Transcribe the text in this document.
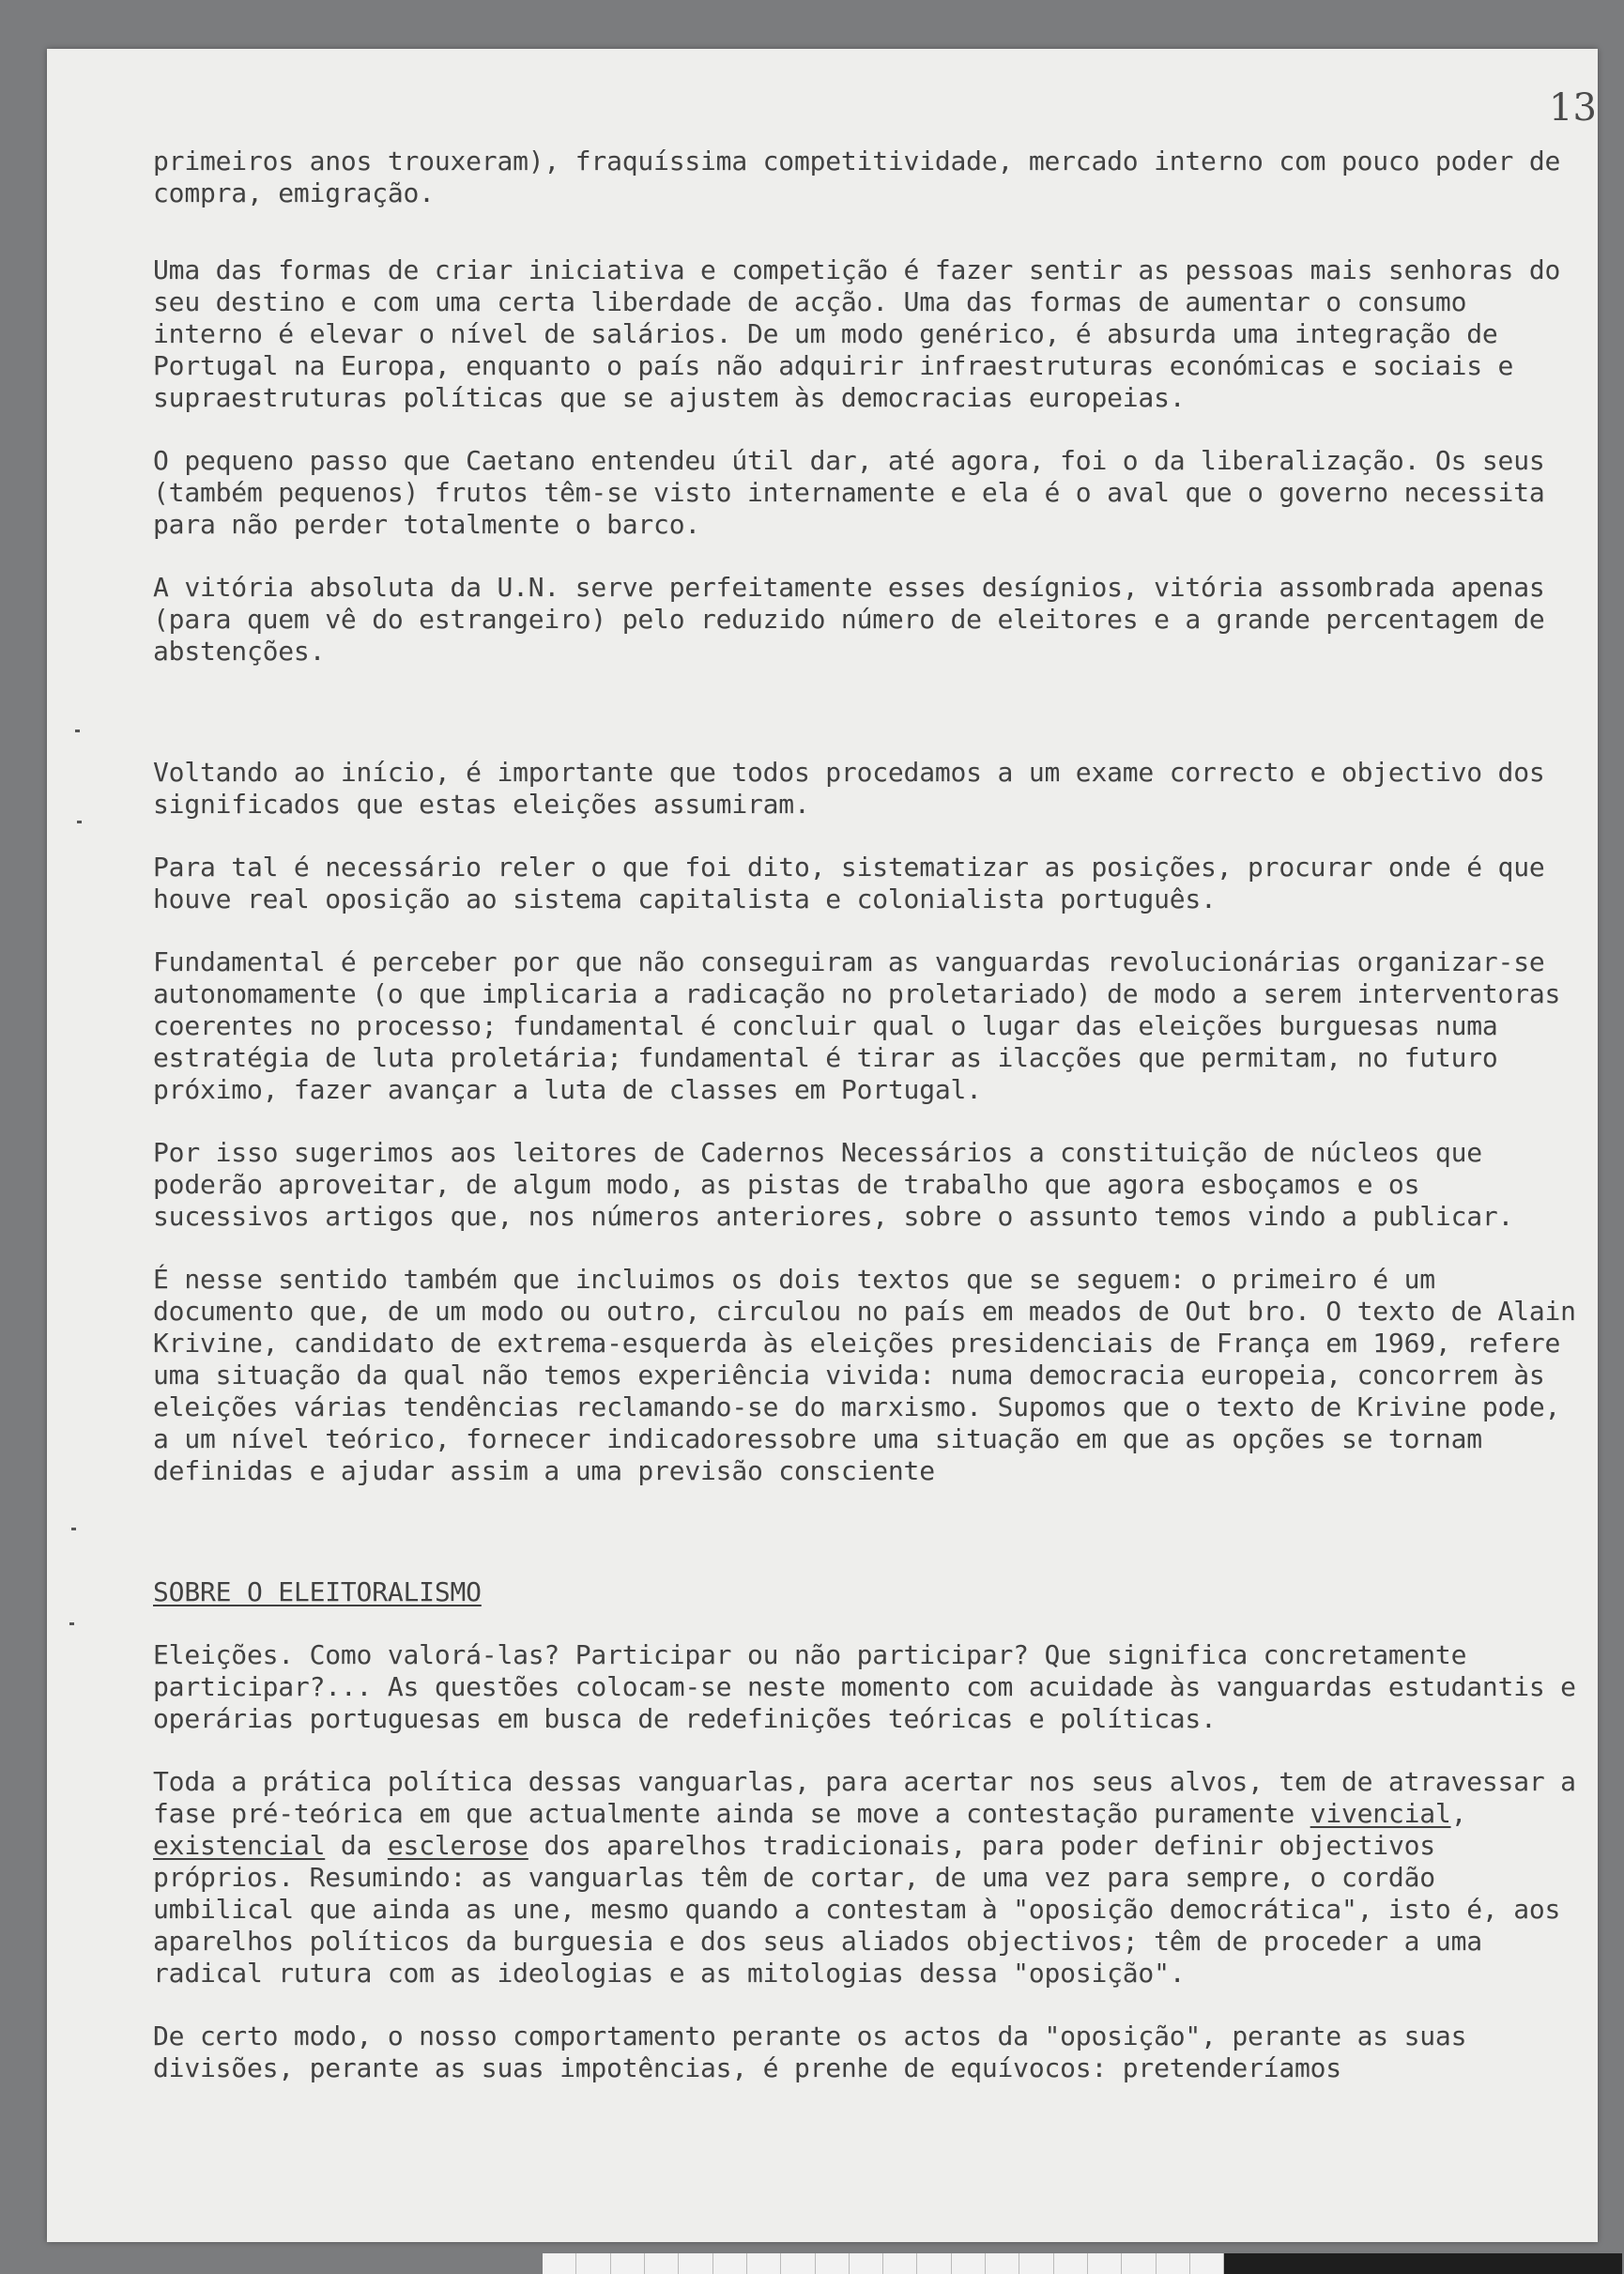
13

primeiros anos trouxeram), fraquíssima competitividade, mercado interno com pouco poder de compra, emigração.

Uma das formas de criar iniciativa e competição é fazer sentir as pessoas mais senhoras do seu destino e com uma certa liberdade de acção. Uma das formas de aumentar o consumo interno é elevar o nível de salários. De um modo genérico, é absurda uma integração de Portugal na Europa, enquanto o país não adquirir infraestruturas económicas e sociais e supraestruturas políticas que se ajustem às democracias europeias.

O pequeno passo que Caetano entendeu útil dar, até agora, foi o da liberalização. Os seus (também pequenos) frutos têm-se visto internamente e ela é o aval que o governo necessita para não perder totalmente o barco.

A vitória absoluta da U.N. serve perfeitamente esses desígnios, vitória assombrada apenas (para quem vê do estrangeiro) pelo reduzido número de eleitores e a grande percentagem de abstenções.

Voltando ao início, é importante que todos procedamos a um exame correcto e objectivo dos significados que estas eleições assumiram.

Para tal é necessário reler o que foi dito, sistematizar as posições, procurar onde é que houve real oposição ao sistema capitalista e colonialista português.

Fundamental é perceber por que não conseguiram as vanguardas revolucionárias organizar-se autonomamente (o que implicaria a radicação no proletariado) de modo a serem interventoras coerentes no processo; fundamental é concluir qual o lugar das eleições burguesas numa estratégia de luta proletária; fundamental é tirar as ilacções que permitam, no futuro próximo, fazer avançar a luta de classes em Portugal.

Por isso sugerimos aos leitores de Cadernos Necessários a constituição de núcleos que poderão aproveitar, de algum modo, as pistas de trabalho que agora esboçamos e os sucessivos artigos que, nos números anteriores, sobre o assunto temos vindo a publicar.

É nesse sentido também que incluimos os dois textos que se seguem: o primeiro é um documento que, de um modo ou outro, circulou no país em meados de Out bro. O texto de Alain Krivine, candidato de extrema-esquerda às eleições presidenciais de França em 1969, refere uma situação da qual não temos experiência vivida: numa democracia europeia, concorrem às eleições várias tendências reclamando-se do marxismo. Supomos que o texto de Krivine pode, a um nível teórico, fornecer indicadoressobre uma situação em que as opções se tornam definidas e ajudar assim a uma previsão consciente

SOBRE O ELEITORALISMO

Eleições. Como valorá-las? Participar ou não participar? Que significa concretamente participar?... As questões colocam-se neste momento com acuidade às vanguardas estudantis e operárias portuguesas em busca de redefinições teóricas e políticas.

Toda a prática política dessas vanguarlas, para acertar nos seus alvos, tem de atravessar a fase pré-teórica em que actualmente ainda se move a contestação puramente vivencial, existencial da esclerose dos aparelhos tradicionais, para poder definir objectivos próprios. Resumindo: as vanguarlas têm de cortar, de uma vez para sempre, o cordão umbilical que ainda as une, mesmo quando a contestam à "oposição democrática", isto é, aos aparelhos políticos da burguesia e dos seus aliados objectivos; têm de proceder a uma radical rutura com as ideologias e as mitologias dessa "oposição".

De certo modo, o nosso comportamento perante os actos da "oposição", perante as suas divisões, perante as suas impotências, é prenhe de equívocos: pretenderíamos
